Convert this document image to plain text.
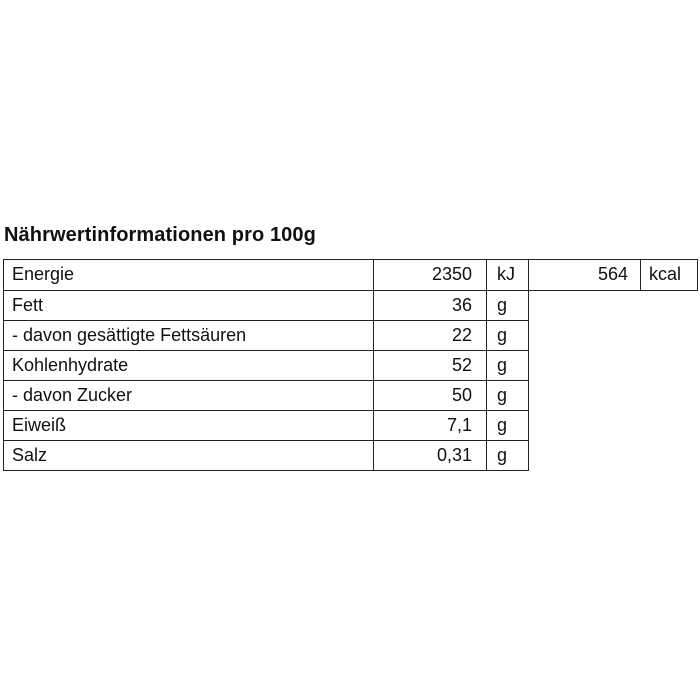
Nährwertinformationen pro 100g
Energie	2350	kJ	564	kcal
Fett	36	g
- davon gesättigte Fettsäuren	22	g
Kohlenhydrate	52	g
- davon Zucker	50	g
Eiweiß	7,1	g
Salz	0,31	g
